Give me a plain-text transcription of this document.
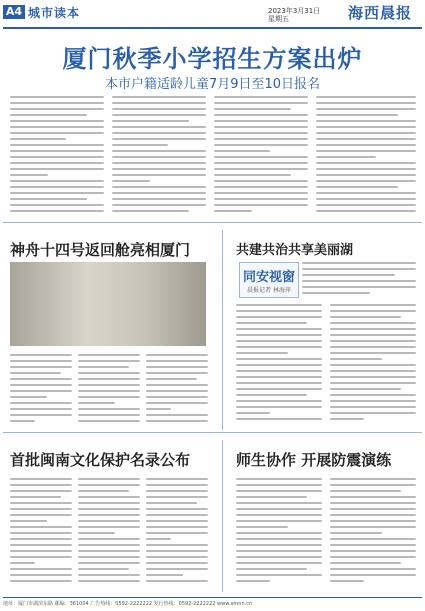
A4 城市读本	2023年3月31日
星期五	海西晨报
厦门秋季小学招生方案出炉
本市户籍适龄儿童7月9日至10日报名
神舟十四号返回舱亮相厦门	共建共治共享美丽湖
同安视窗
晨报记者 林海萍
首批闽南文化保护名录公布	师生协作 开展防震演练
地址：厦门市湖滨东路 邮编：361004 广告热线：0592-2222222 发行热线：0592-2222222 www.xmnn.cn
